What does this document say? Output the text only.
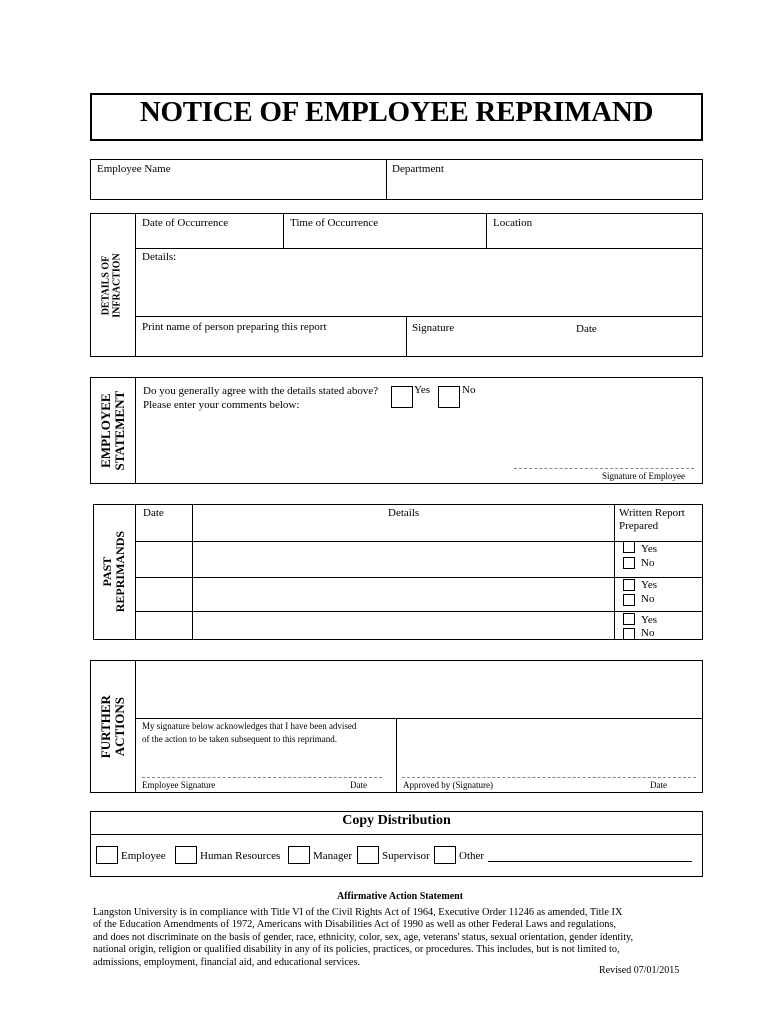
NOTICE OF EMPLOYEE REPRIMAND
Employee Name	Department
DETAILS OF
INFRACTION
Date of Occurrence	Time of Occurrence	Location
Details:
Print name of person preparing this report	Signature	Date
EMPLOYEE
STATEMENT Do you generally agree with the details stated above?
Please enter your comments below:
Yes	No
Signature of Employee
PAST
REPRIMANDS
Date	Details	Written Report
Prepared
Yes
No
Yes
No
Yes
No
FURTHER
ACTIONS My signature below acknowledges that I have been advised
of the action to be taken subsequent to this reprimand.
Employee Signature	Date	Approved by (Signature)	Date
Copy Distribution
Employee	Human Resources	Manager	Supervisor	Other
Affirmative Action Statement
Langston University is in compliance with Title VI of the Civil Rights Act of 1964, Executive Order 11246 as amended, Title IX
of the Education Amendments of 1972, Americans with Disabilities Act of 1990 as well as other Federal Laws and regulations,
and does not discriminate on the basis of gender, race, ethnicity, color, sex, age, veterans' status, sexual orientation, gender identity,
national origin, religion or qualified disability in any of its policies, practices, or procedures. This includes, but is not limited to,
admissions, employment, financial aid, and educational services.
Revised 07/01/2015
